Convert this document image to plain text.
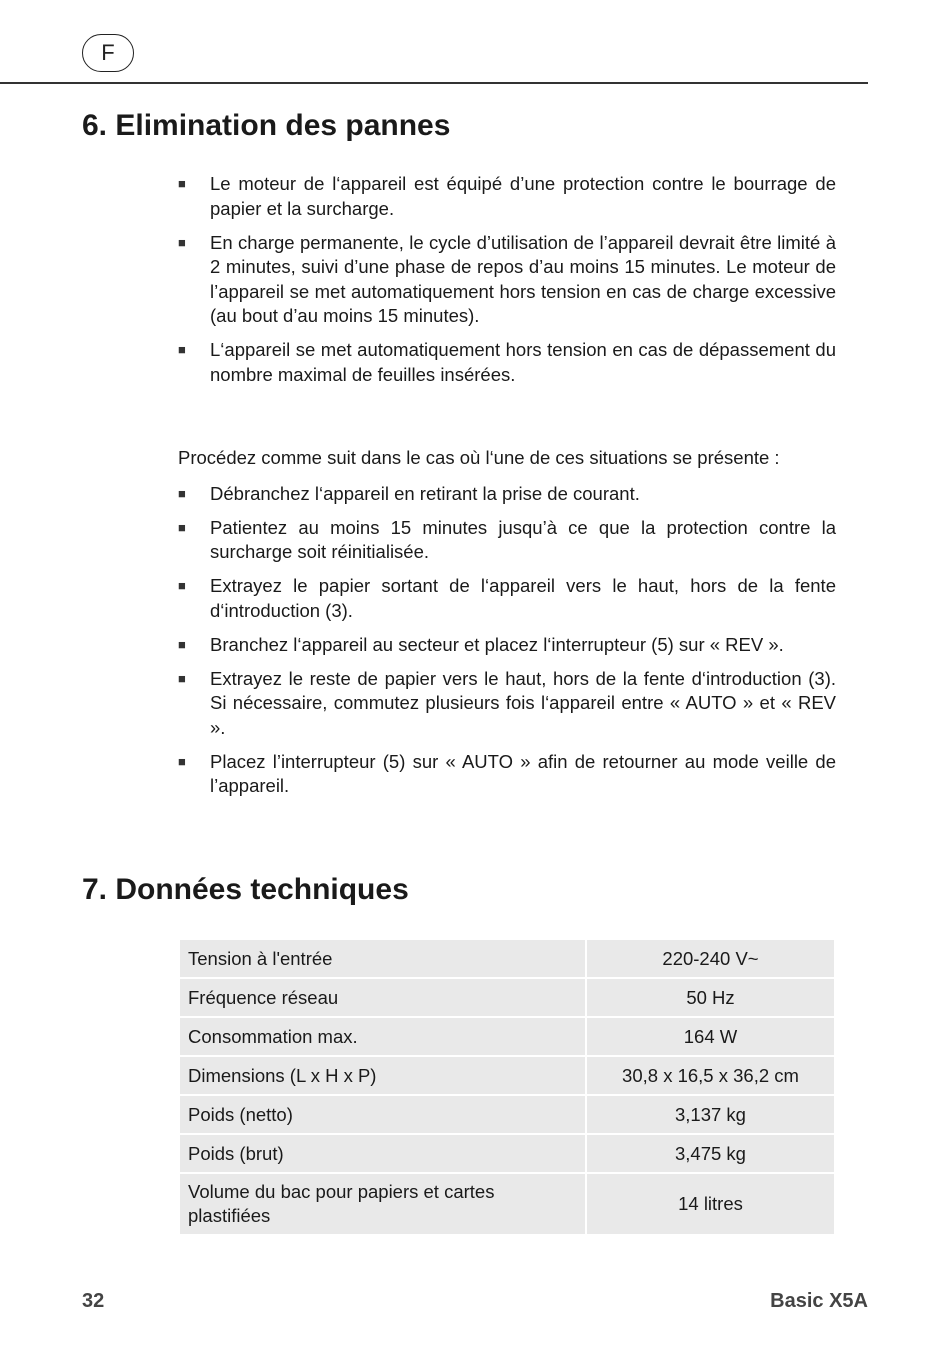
F
6. Elimination des pannes
■ Le moteur de l‘appareil est équipé d’une protection contre le bourrage de papier et la surcharge.
■ En charge permanente, le cycle d’utilisation de l’appareil devrait être limité à 2 minutes, suivi d’une phase de repos d’au moins 15 minutes. Le moteur de l’appareil se met automatiquement hors tension en cas de charge excessive (au bout d’au moins 15 minutes).
■ L‘appareil se met automatiquement hors tension en cas de dépassement du nombre maximal de feuilles insérées.

Procédez comme suit dans le cas où l‘une de ces situations se présente :

■ Débranchez l‘appareil en retirant la prise de courant.
■ Patientez au moins 15 minutes jusqu’à ce que la protection contre la surcharge soit réinitialisée.
■ Extrayez le papier sortant de l‘appareil vers le haut, hors de la fente d‘introduction (3).
■ Branchez l‘appareil au secteur et placez l‘interrupteur (5) sur « REV ».
■ Extrayez le reste de papier vers le haut, hors de la fente d‘introduction (3). Si nécessaire, commutez plusieurs fois l‘appareil entre « AUTO » et « REV ».
■ Placez l’interrupteur (5) sur « AUTO » afin de retourner au mode veille de l’appareil.
7. Données techniques
Tension à l'entrée	220-240 V~
Fréquence réseau	50 Hz
Consommation max.	164 W
Dimensions (L x H x P)	30,8 x 16,5 x 36,2 cm
Poids (netto)	3,137 kg
Poids (brut)	3,475 kg
Volume du bac pour papiers et cartes plastifiées	14 litres
32	Basic X5A
